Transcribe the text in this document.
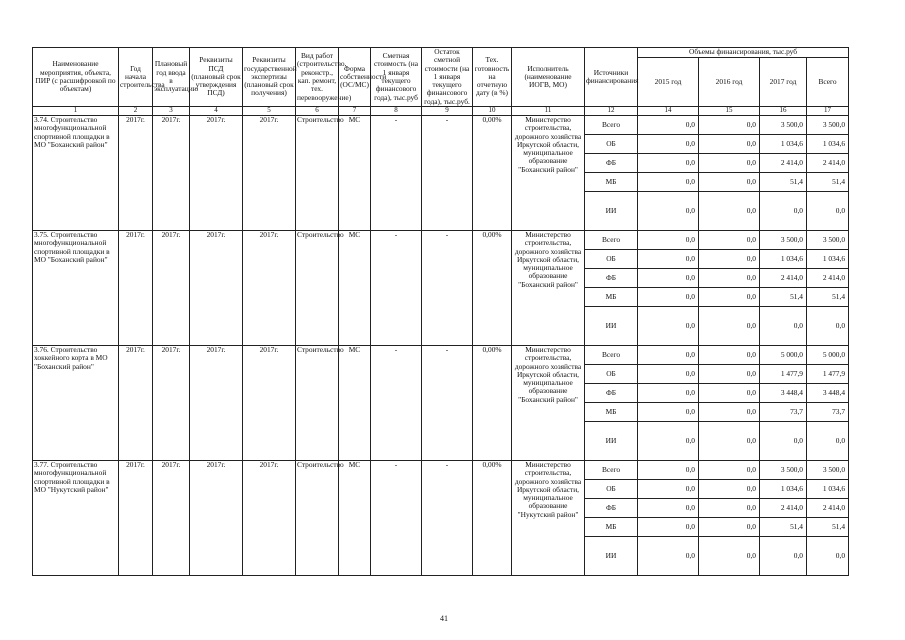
Наименование мероприятия, объекта, ПИР (с расшифровкой по объектам)	Год начала строительства	Плановый год ввода в эксплуатацию	Реквизиты ПСД (плановый срок утверждения ПСД)	Реквизиты государственной экспертизы (плановый срок получения)	Вид работ (строительство, реконстр., кап. ремонт, тех. перевооружение)	Форма собственности (ОС/МС)	Сметная стоимость (на 1 января текущего финансового года), тыс.руб	Остаток сметной стоимости (на 1 января текущего финансового года), тыс.руб.	Тех. готовность на отчетную дату (в %)	Исполнитель (наименование ИОГВ, МО)	Источники финансирования	Объемы финансирования, тыс.руб			
												2015 год	2016 год	2017 год	Всего
1	2	3	4	5	6	7	8	9	10	11	12	14	15	16	17
3.74. Строительство многофункциональной спортивной площадки в МО "Боханский район"	2017г.	2017г.	2017г.	2017г.	Строительство	МС	-	-	0,00%	Министерство строительства, дорожного хозяйства Иркутской области, муниципальное образование "Боханский район"	Всего	0,0	0,0	3 500,0	3 500,0
											ОБ	0,0	0,0	1 034,6	1 034,6
											ФБ	0,0	0,0	2 414,0	2 414,0
											МБ	0,0	0,0	51,4	51,4
											ИИ	0,0	0,0	0,0	0,0
3.75. Строительство многофункциональной спортивной площадки в МО "Боханский район"	2017г.	2017г.	2017г.	2017г.	Строительство	МС	-	-	0,00%	Министерство строительства, дорожного хозяйства Иркутской области, муниципальное образование "Боханский район"	Всего	0,0	0,0	3 500,0	3 500,0
											ОБ	0,0	0,0	1 034,6	1 034,6
											ФБ	0,0	0,0	2 414,0	2 414,0
											МБ	0,0	0,0	51,4	51,4
											ИИ	0,0	0,0	0,0	0,0
3.76. Строительство хоккейного корта в МО "Боханский район"	2017г.	2017г.	2017г.	2017г.	Строительство	МС	-	-	0,00%	Министерство строительства, дорожного хозяйства Иркутской области, муниципальное образование "Боханский район"	Всего	0,0	0,0	5 000,0	5 000,0
											ОБ	0,0	0,0	1 477,9	1 477,9
											ФБ	0,0	0,0	3 448,4	3 448,4
											МБ	0,0	0,0	73,7	73,7
											ИИ	0,0	0,0	0,0	0,0
3.77. Строительство многофункциональной спортивной площадки в МО "Нукутский район"	2017г.	2017г.	2017г.	2017г.	Строительство	МС	-	-	0,00%	Министерство строительства, дорожного хозяйства Иркутской области, муниципальное образование "Нукутский район"	Всего	0,0	0,0	3 500,0	3 500,0
											ОБ	0,0	0,0	1 034,6	1 034,6
											ФБ	0,0	0,0	2 414,0	2 414,0
											МБ	0,0	0,0	51,4	51,4
											ИИ	0,0	0,0	0,0	0,0
41
